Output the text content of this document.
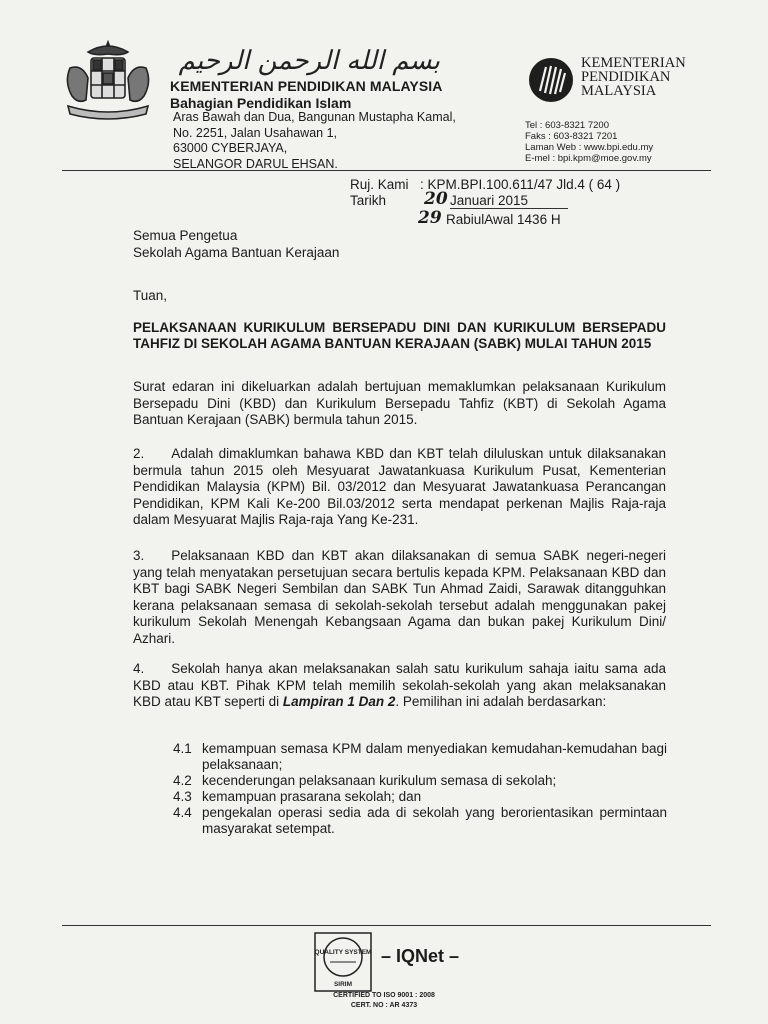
بسم الله الرحمن الرحيم
KEMENTERIAN PENDIDIKAN MALAYSIA
Bahagian Pendidikan Islam
Aras Bawah dan Dua, Bangunan Mustapha Kamal,
No. 2251, Jalan Usahawan 1,
63000 CYBERJAYA,
SELANGOR DARUL EHSAN.
KEMENTERIAN
PENDIDIKAN
MALAYSIA
Tel : 603-8321 7200
Faks : 603-8321 7201
Laman Web : www.bpi.edu.my
E-mel : bpi.kpm@moe.gov.my
Ruj. Kami : KPM.BPI.100.611/47 Jld.4 ( 64 )
Tarikh 20 Januari 2015
29 RabiulAwal 1436 H
Semua Pengetua
Sekolah Agama Bantuan Kerajaan
Tuan,
PELAKSANAAN KURIKULUM BERSEPADU DINI DAN KURIKULUM BERSEPADU TAHFIZ DI SEKOLAH AGAMA BANTUAN KERAJAAN (SABK) MULAI TAHUN 2015
Surat edaran ini dikeluarkan adalah bertujuan memaklumkan pelaksanaan Kurikulum Bersepadu Dini (KBD) dan Kurikulum Bersepadu Tahfiz (KBT) di Sekolah Agama Bantuan Kerajaan (SABK) bermula tahun 2015.
2.  Adalah dimaklumkan bahawa KBD dan KBT telah diluluskan untuk dilaksanakan bermula tahun 2015 oleh Mesyuarat Jawatankuasa Kurikulum Pusat, Kementerian Pendidikan Malaysia (KPM) Bil. 03/2012 dan Mesyuarat Jawatankuasa Perancangan Pendidikan, KPM Kali Ke-200 Bil.03/2012 serta mendapat perkenan Majlis Raja-raja dalam Mesyuarat Majlis Raja-raja Yang Ke-231.
3.  Pelaksanaan KBD dan KBT akan dilaksanakan di semua SABK negeri-negeri yang telah menyatakan persetujuan secara bertulis kepada KPM. Pelaksanaan KBD dan KBT bagi SABK Negeri Sembilan dan SABK Tun Ahmad Zaidi, Sarawak ditangguhkan kerana pelaksanaan semasa di sekolah-sekolah tersebut adalah menggunakan pakej kurikulum Sekolah Menengah Kebangsaan Agama dan bukan pakej Kurikulum Dini/ Azhari.
4.  Sekolah hanya akan melaksanakan salah satu kurikulum sahaja iaitu sama ada KBD atau KBT. Pihak KPM telah memilih sekolah-sekolah yang akan melaksanakan KBD atau KBT seperti di Lampiran 1 Dan 2. Pemilihan ini adalah berdasarkan:
4.1 kemampuan semasa KPM dalam menyediakan kemudahan-kemudahan bagi pelaksanaan;
4.2 kecenderungan pelaksanaan kurikulum semasa di sekolah;
4.3 kemampuan prasarana sekolah; dan
4.4 pengekalan operasi sedia ada di sekolah yang berorientasikan permintaan masyarakat setempat.
QUALITY SYSTEM
SIRIM
– IQNet –
CERTIFIED TO ISO 9001 : 2008
CERT. NO : AR 4373
